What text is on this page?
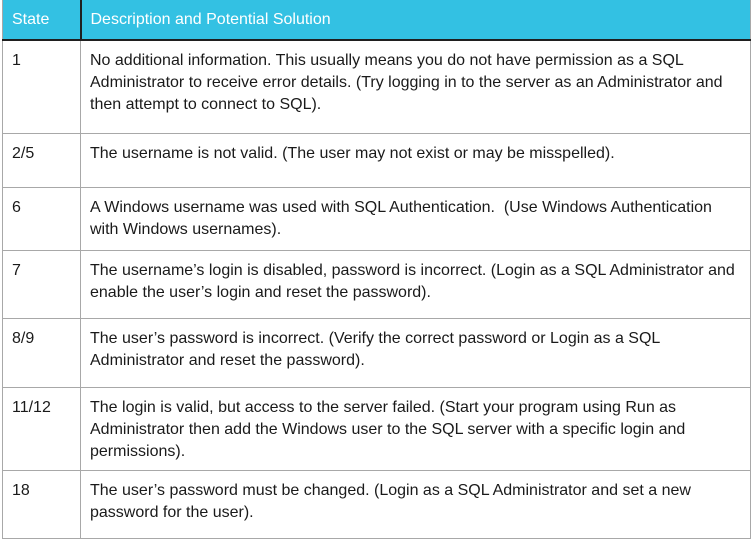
State	Description and Potential Solution
1	No additional information. This usually means you do not have permission as a SQL Administrator to receive error details. (Try logging in to the server as an Administrator and then attempt to connect to SQL).
2/5	The username is not valid. (The user may not exist or may be misspelled).
6	A Windows username was used with SQL Authentication.  (Use Windows Authentication with Windows usernames).
7	The username’s login is disabled, password is incorrect. (Login as a SQL Administrator and enable the user’s login and reset the password).
8/9	The user’s password is incorrect. (Verify the correct password or Login as a SQL Administrator and reset the password).
11/12	The login is valid, but access to the server failed. (Start your program using Run as Administrator then add the Windows user to the SQL server with a specific login and permissions).
18	The user’s password must be changed. (Login as a SQL Administrator and set a new password for the user).
